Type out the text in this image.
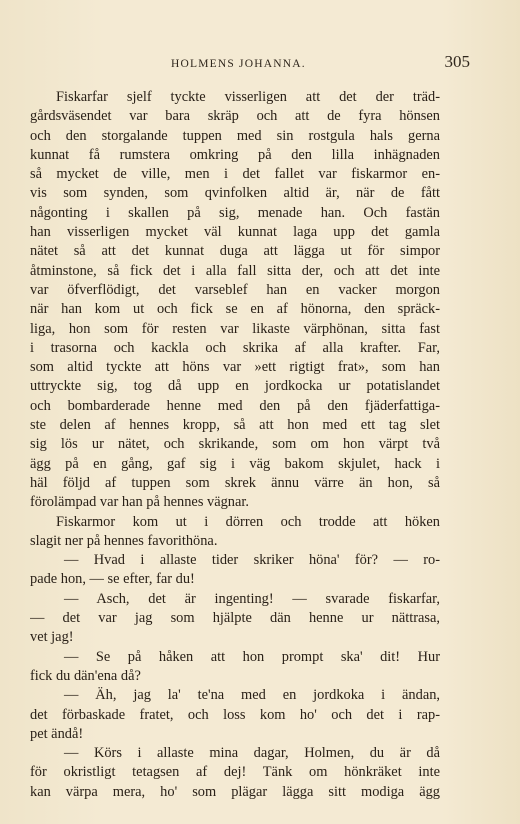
HOLMENS JOHANNA.	305
Fiskarfar sjelf tyckte visserligen att det der träd-
gårdsväsendet var bara skräp och att de fyra hönsen
och den storgalande tuppen med sin rostgula hals gerna
kunnat få rumstera omkring på den lilla inhägnaden
så mycket de ville, men i det fallet var fiskarmor en-
vis som synden, som qvinfolken altid är, när de fått
någonting i skallen på sig, menade han. Och fastän
han visserligen mycket väl kunnat laga upp det gamla
nätet så att det kunnat duga att lägga ut för simpor
åtminstone, så fick det i alla fall sitta der, och att det inte
var öfverflödigt, det varseblef han en vacker morgon
när han kom ut och fick se en af hönorna, den spräck-
liga, hon som för resten var likaste värphönan, sitta fast
i trasorna och kackla och skrika af alla krafter. Far,
som altid tyckte att höns var »ett rigtigt frat», som han
uttryckte sig, tog då upp en jordkocka ur potatislandet
och bombarderade henne med den på den fjäderfattiga-
ste delen af hennes kropp, så att hon med ett tag slet
sig lös ur nätet, och skrikande, som om hon värpt två
ägg på en gång, gaf sig i väg bakom skjulet, hack i
häl följd af tuppen som skrek ännu värre än hon, så
förolämpad var han på hennes vägnar.
Fiskarmor kom ut i dörren och trodde att höken
slagit ner på hennes favorithöna.
— Hvad i allaste tider skriker höna' för? — ro-
pade hon, — se efter, far du!
— Asch, det är ingenting! — svarade fiskarfar,
— det var jag som hjälpte dän henne ur nättrasa,
vet jag!
— Se på håken att hon prompt ska' dit! Hur
fick du dän'ena då?
— Äh, jag la' te'na med en jordkoka i ändan,
det förbaskade fratet, och loss kom ho' och det i rap-
pet ändå!
— Körs i allaste mina dagar, Holmen, du är då
för okristligt tetagsen af dej! Tänk om hönkräket inte
kan värpa mera, ho' som plägar lägga sitt modiga ägg
